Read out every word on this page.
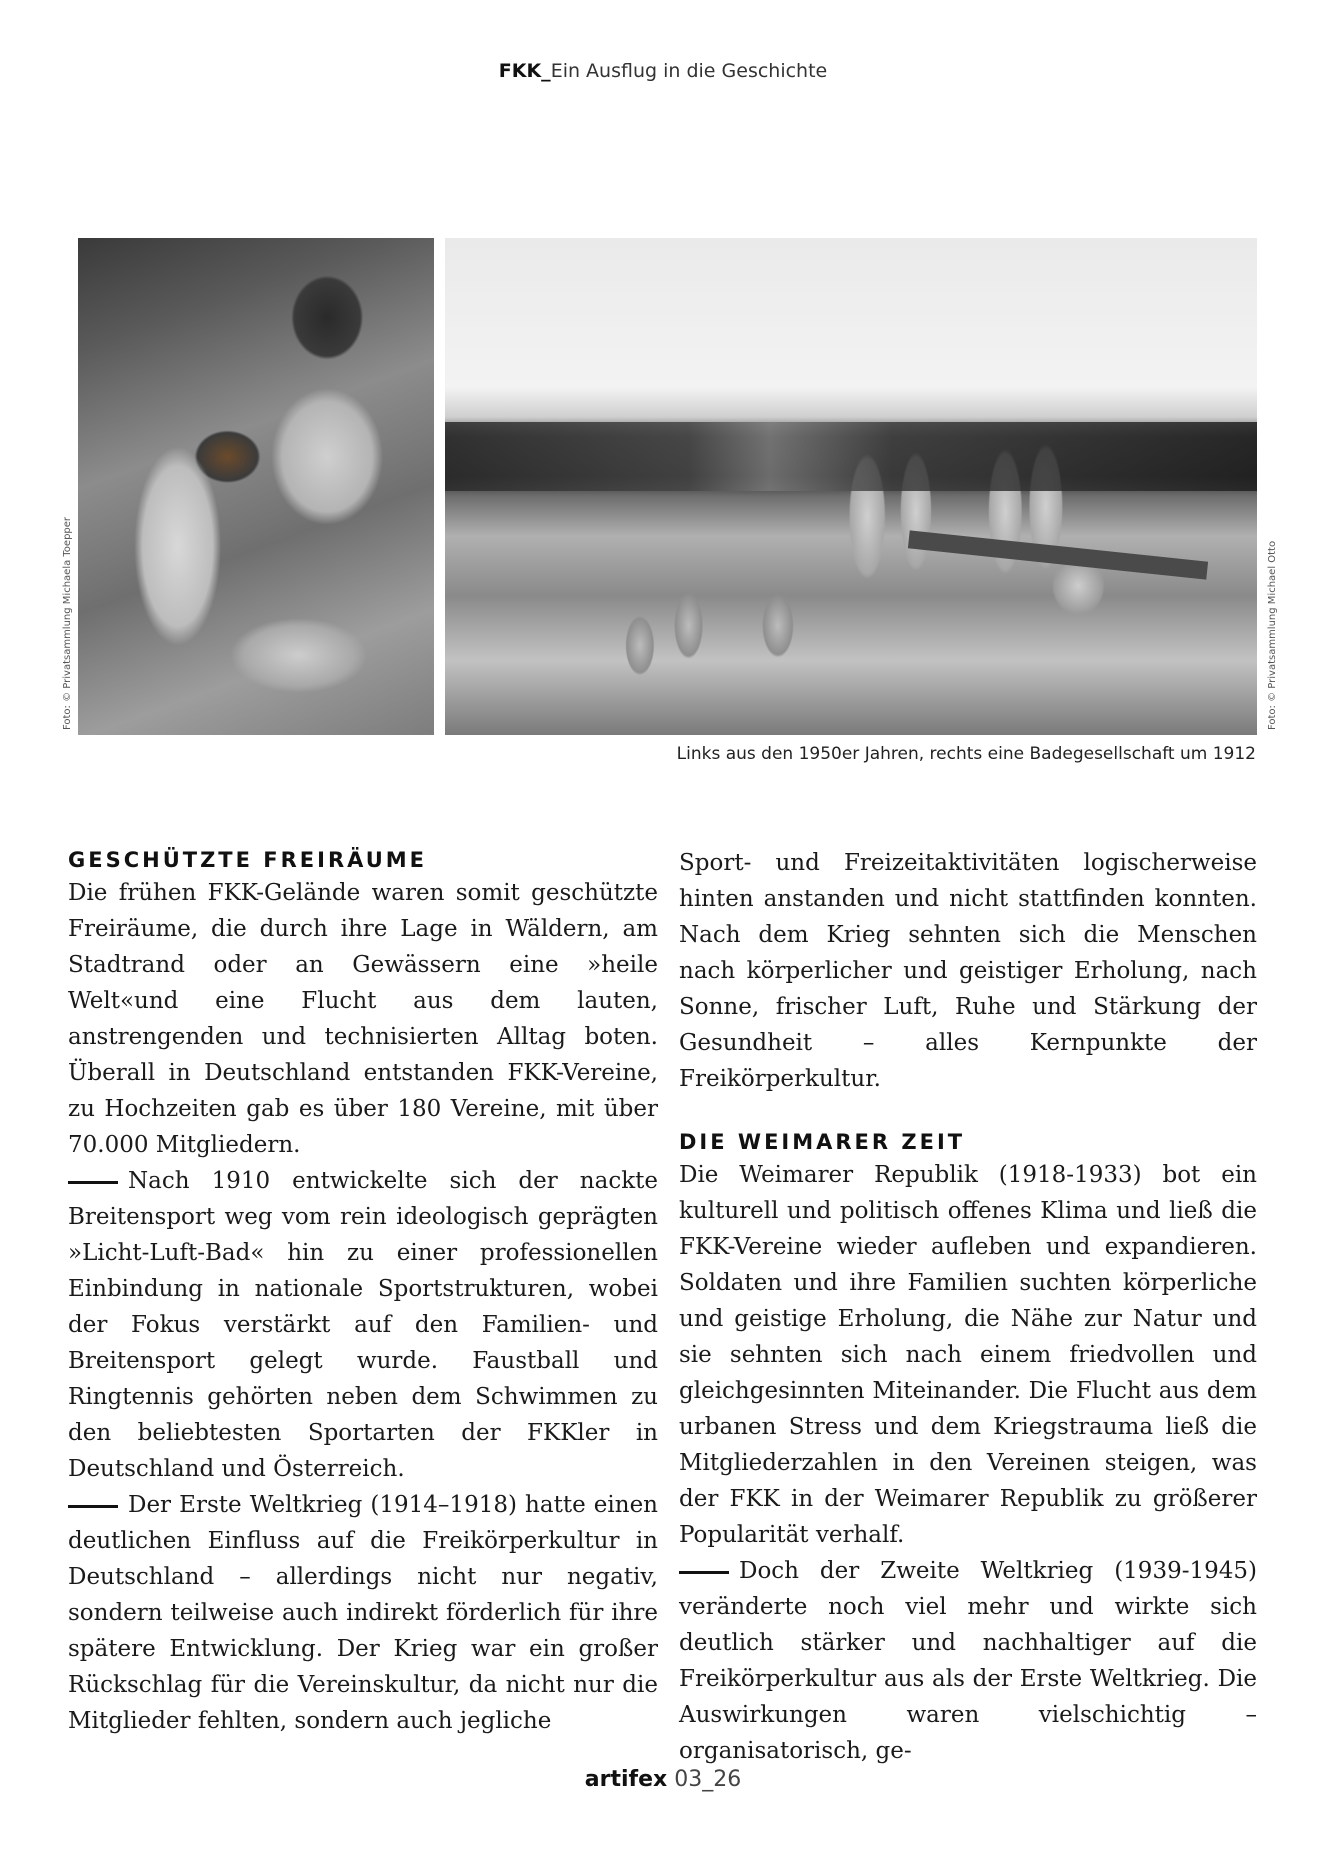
FKK_Ein Ausflug in die Geschichte
Foto: © Privatsammlung Michaela Toepper	Foto: © Privatsammlung Michael Otto
Links aus den 1950er Jahren, rechts eine Badegesellschaft um 1912
GESCHÜTZTE FREIRÄUME

Die frühen FKK-Gelände waren somit geschützte Freiräume, die durch ihre Lage in Wäldern, am Stadtrand oder an Gewässern eine »heile Welt«und eine Flucht aus dem lauten, anstrengenden und technisierten Alltag boten. Überall in Deutschland entstanden FKK-Vereine, zu Hochzeiten gab es über 180 Vereine, mit über 70.000 Mitgliedern.

Nach 1910 entwickelte sich der nackte Breitensport weg vom rein ideologisch geprägten »Licht-Luft-Bad« hin zu einer professionellen Einbindung in nationale Sportstrukturen, wobei der Fokus verstärkt auf den Familien- und Breitensport gelegt wurde. Faustball und Ringtennis gehörten neben dem Schwimmen zu den beliebtesten Sportarten der FKKler in Deutschland und Österreich.

Der Erste Weltkrieg (1914–1918) hatte einen deutlichen Einfluss auf die Freikörperkultur in Deutschland – allerdings nicht nur negativ, sondern teilweise auch indirekt förderlich für ihre spätere Entwicklung. Der Krieg war ein großer Rückschlag für die Vereinskultur, da nicht nur die Mitglieder fehlten, sondern auch jegliche

Sport- und Freizeitaktivitäten logischerweise hinten anstanden und nicht stattfinden konnten. Nach dem Krieg sehnten sich die Menschen nach körperlicher und geistiger Erholung, nach Sonne, frischer Luft, Ruhe und Stärkung der Gesundheit – alles Kernpunkte der Freikörperkultur.

DIE WEIMARER ZEIT

Die Weimarer Republik (1918-1933) bot ein kulturell und politisch offenes Klima und ließ die FKK-Vereine wieder aufleben und expandieren. Soldaten und ihre Familien suchten körperliche und geistige Erholung, die Nähe zur Natur und sie sehnten sich nach einem friedvollen und gleichgesinnten Miteinander. Die Flucht aus dem urbanen Stress und dem Kriegstrauma ließ die Mitgliederzahlen in den Vereinen steigen, was der FKK in der Weimarer Republik zu größerer Popularität verhalf.

Doch der Zweite Weltkrieg (1939-1945) veränderte noch viel mehr und wirkte sich deutlich stärker und nachhaltiger auf die Freikörperkultur aus als der Erste Weltkrieg. Die Auswirkungen waren vielschichtig – organisatorisch, ge-

artifex 03_26
